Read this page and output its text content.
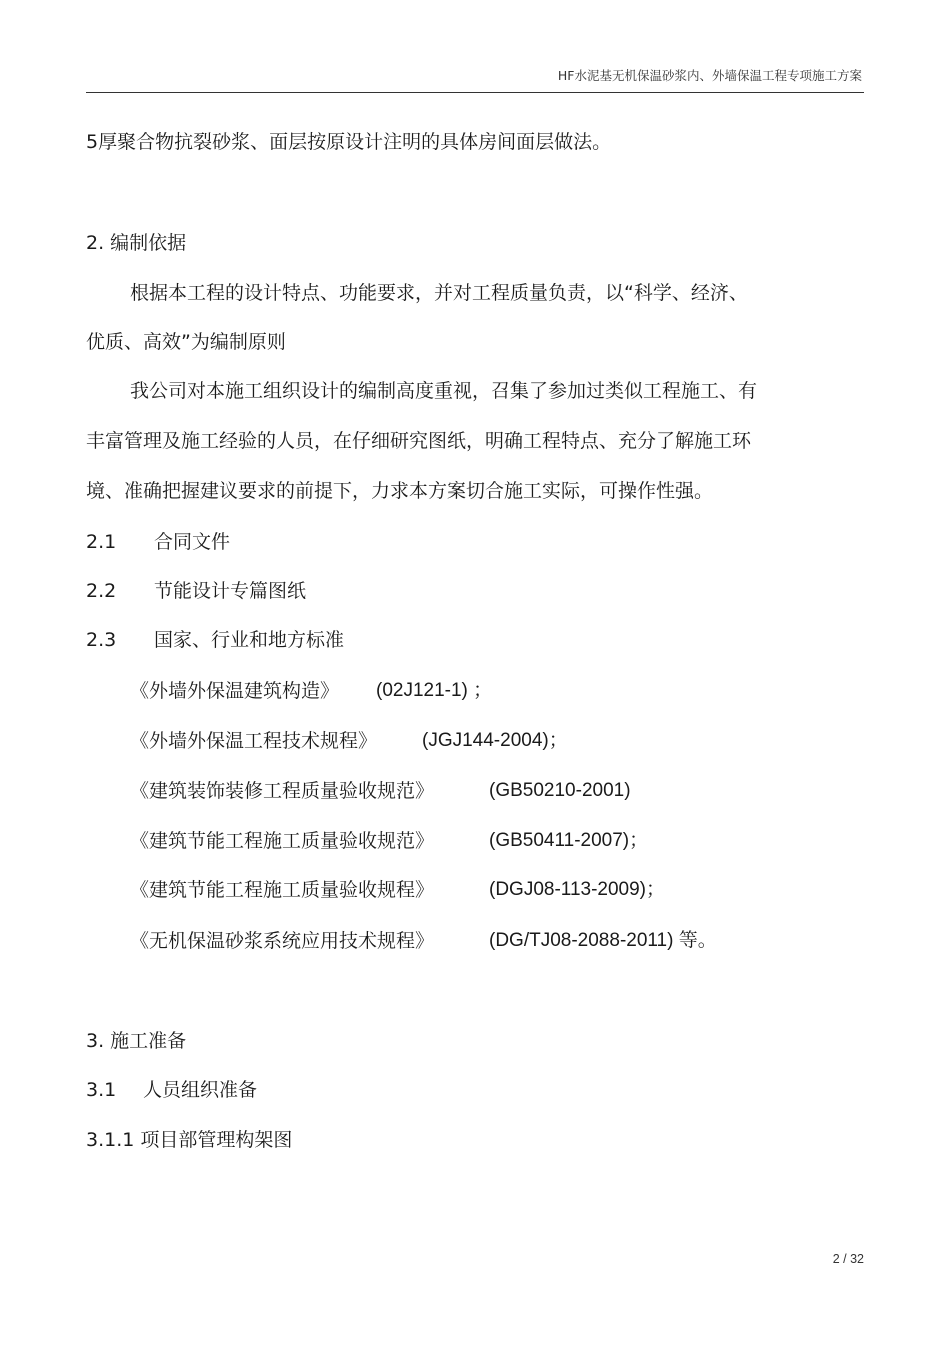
HF水泥基无机保温砂浆内、外墙保温工程专项施工方案
5厚聚合物抗裂砂浆、面层按原设计注明的具体房间面层做法。
2. 编制依据
根据本工程的设计特点、功能要求，并对工程质量负责，以“科学、经济、
优质、高效”为编制原则
我公司对本施工组织设计的编制高度重视，召集了参加过类似工程施工、有
丰富管理及施工经验的人员，在仔细研究图纸，明确工程特点、充分了解施工环
境、准确把握建议要求的前提下，力求本方案切合施工实际，可操作性强。
2.1 合同文件
2.2 节能设计专篇图纸
2.3 国家、行业和地方标准
《外墙外保温建筑构造》 (02J121-1) ；
《外墙外保温工程技术规程》 (JGJ144-2004)；
《建筑装饰装修工程质量验收规范》	(GB50210-2001)
《建筑节能工程施工质量验收规范》	(GB50411-2007)；
《建筑节能工程施工质量验收规程》	(DGJ08-113-2009)；
《无机保温砂浆系统应用技术规程》	(DG/TJ08-2088-2011) 等。
3. 施工准备
3.1 人员组织准备
3.1.1 项目部管理构架图
2 / 32
